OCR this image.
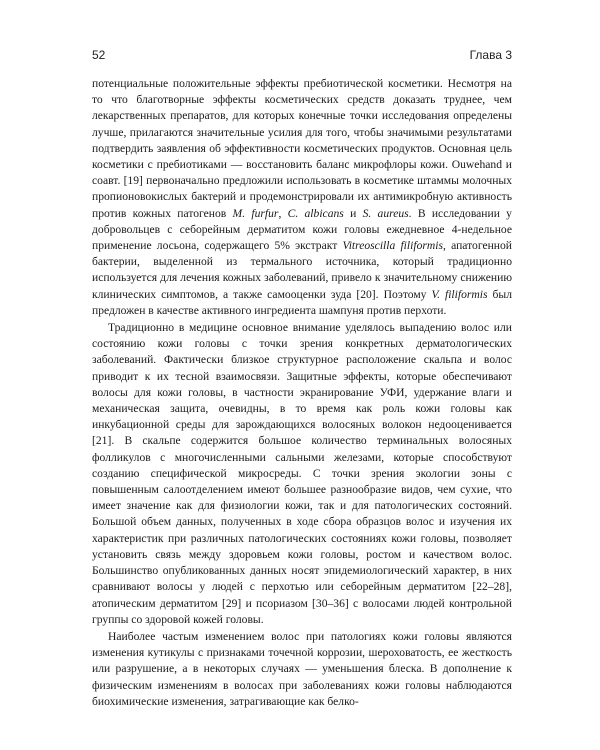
52	Глава 3

потенциальные положительные эффекты пребиотической косметики. Несмотря на то что благотворные эффекты косметических средств доказать труднее, чем лекарственных препаратов, для которых конечные точки исследования определены лучше, прилагаются значительные усилия для того, чтобы значимыми результатами подтвердить заявления об эффективности косметических продуктов. Основная цель косметики с пребиотиками — восстановить баланс микрофлоры кожи. Ouwehand и соавт. [19] первоначально предложили использовать в косметике штаммы молочных пропионовокислых бактерий и продемонстрировали их антимикробную активность против кожных патогенов M. furfur, C. albicans и S. aureus. В исследовании у добровольцев с себорейным дерматитом кожи головы ежедневное 4-недельное применение лосьона, содержащего 5% экстракт Vitreoscilla filiformis, апатогенной бактерии, выделенной из термального источника, который традиционно используется для лечения кожных заболеваний, привело к значительному снижению клинических симптомов, а также самооценки зуда [20]. Поэтому V. filiformis был предложен в качестве активного ингредиента шампуня против перхоти.

Традиционно в медицине основное внимание уделялось выпадению волос или состоянию кожи головы с точки зрения конкретных дерматологических заболеваний. Фактически близкое структурное расположение скальпа и волос приводит к их тесной взаимосвязи. Защитные эффекты, которые обеспечивают волосы для кожи головы, в частности экранирование УФИ, удержание влаги и механическая защита, очевидны, в то время как роль кожи головы как инкубационной среды для зарождающихся волосяных волокон недооценивается [21]. В скальпе содержится большое количество терминальных волосяных фолликулов с многочисленными сальными железами, которые способствуют созданию специфической микросреды. С точки зрения экологии зоны с повышенным салоотделением имеют большее разнообразие видов, чем сухие, что имеет значение как для физиологии кожи, так и для патологических состояний. Большой объем данных, полученных в ходе сбора образцов волос и изучения их характеристик при различных патологических состояниях кожи головы, позволяет установить связь между здоровьем кожи головы, ростом и качеством волос. Большинство опубликованных данных носят эпидемиологический характер, в них сравнивают волосы у людей с перхотью или себорейным дерматитом [22–28], атопическим дерматитом [29] и псориазом [30–36] с волосами людей контрольной группы со здоровой кожей головы.

Наиболее частым изменением волос при патологиях кожи головы являются изменения кутикулы с признаками точечной коррозии, шероховатость, ее жесткость или разрушение, а в некоторых случаях — уменьшения блеска. В дополнение к физическим изменениям в волосах при заболеваниях кожи головы наблюдаются биохимические изменения, затрагивающие как белко-
